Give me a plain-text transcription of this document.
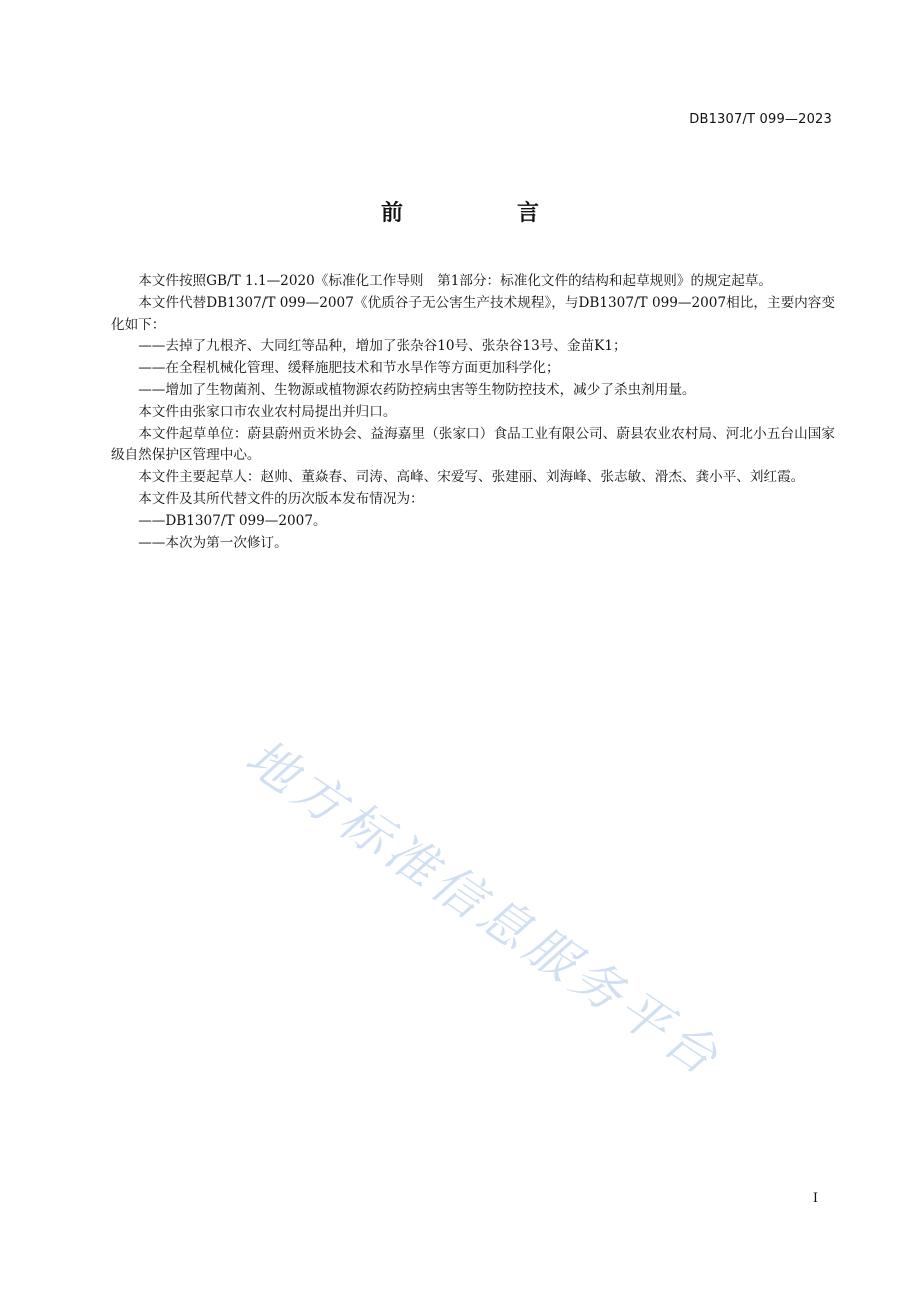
DB1307/T 099—2023
前　言

本文件按照GB/T 1.1—2020《标准化工作导则　第1部分：标准化文件的结构和起草规则》的规定起草。

本文件代替DB1307/T 099—2007《优质谷子无公害生产技术规程》，与DB1307/T 099—2007相比，主要内容变化如下：

——去掉了九根齐、大同红等品种，增加了张杂谷10号、张杂谷13号、金苗K1；

——在全程机械化管理、缓释施肥技术和节水旱作等方面更加科学化；

——增加了生物菌剂、生物源或植物源农药防控病虫害等生物防控技术，减少了杀虫剂用量。

本文件由张家口市农业农村局提出并归口。

本文件起草单位：蔚县蔚州贡米协会、益海嘉里（张家口）食品工业有限公司、蔚县农业农村局、河北小五台山国家级自然保护区管理中心。

本文件主要起草人：赵帅、董焱春、司涛、高峰、宋爱写、张建丽、刘海峰、张志敏、滑杰、龚小平、刘红霞。

本文件及其所代替文件的历次版本发布情况为：

——DB1307/T 099—2007。

——本次为第一次修订。

地方标准信息服务平台
I
